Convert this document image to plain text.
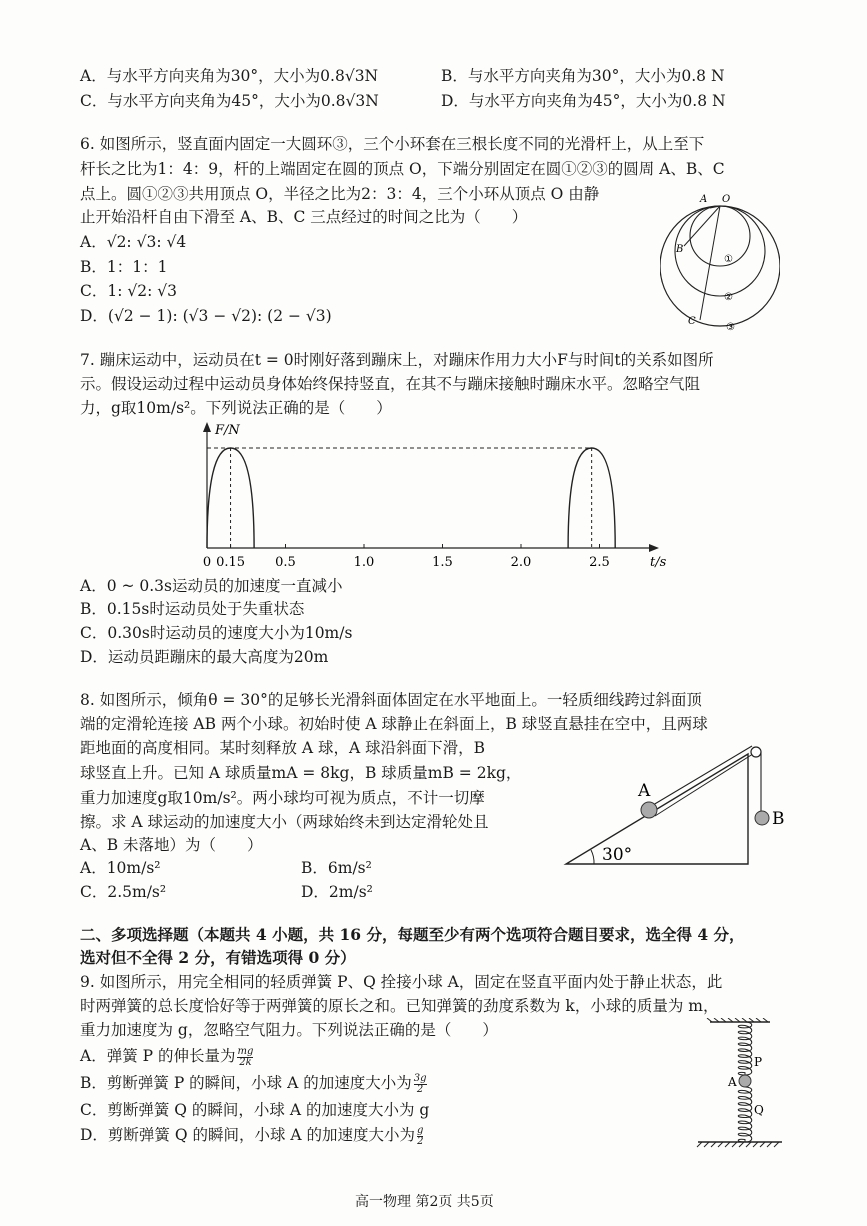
A．与水平方向夹角为30°，大小为0.8√3N	B．与水平方向夹角为30°，大小为0.8 N
C．与水平方向夹角为45°，大小为0.8√3N	D．与水平方向夹角为45°，大小为0.8 N
6. 如图所示，竖直面内固定一大圆环③，三个小环套在三根长度不同的光滑杆上，从上至下
杆长之比为1：4：9，杆的上端固定在圆的顶点 O，下端分别固定在圆①②③的圆周 A、B、C
点上。圆①②③共用顶点 O，半径之比为2：3：4，三个小环从顶点 O 由静
止开始沿杆自由下滑至 A、B、C 三点经过的时间之比为（　　）
A．√2: √3: √4
B．1：1：1
C．1: √2: √3
D．(√2 − 1): (√3 − √2): (2 − √3)
O
A
B
C
①
②
③
7. 蹦床运动中，运动员在t = 0时刚好落到蹦床上，对蹦床作用力大小F与时间t的关系如图所
示。假设运动过程中运动员身体始终保持竖直，在其不与蹦床接触时蹦床水平。忽略空气阻
力，g取10m/s²。下列说法正确的是（　　）
F/N
t/s
0 0.15 0.5	1.0	1.5	2.0	2.5
A．0 ~ 0.3s运动员的加速度一直减小
B．0.15s时运动员处于失重状态
C．0.30s时运动员的速度大小为10m/s
D．运动员距蹦床的最大高度为20m
8. 如图所示，倾角θ = 30°的足够长光滑斜面体固定在水平地面上。一轻质细线跨过斜面顶
端的定滑轮连接 AB 两个小球。初始时使 A 球静止在斜面上，B 球竖直悬挂在空中，且两球
距地面的高度相同。某时刻释放 A 球，A 球沿斜面下滑，B
球竖直上升。已知 A 球质量mA = 8kg，B 球质量mB = 2kg，
重力加速度g取10m/s²。两小球均可视为质点，不计一切摩
擦。求 A 球运动的加速度大小（两球始终未到达定滑轮处且
A、B 未落地）为（　　）
A．10m/s²	B．6m/s²
C．2.5m/s²	D．2m/s²
A
B
30°
二、多项选择题（本题共 4 小题，共 16 分，每题至少有两个选项符合题目要求，选全得 4 分，
选对但不全得 2 分，有错选项得 0 分）
9. 如图所示，用完全相同的轻质弹簧 P、Q 拴接小球 A，固定在竖直平面内处于静止状态，此
时两弹簧的总长度恰好等于两弹簧的原长之和。已知弹簧的劲度系数为 k，小球的质量为 m，
重力加速度为 g，忽略空气阻力。下列说法正确的是（　　）
A．弹簧 P 的伸长量为 $\frac{mg}{2k}$
B．剪断弹簧 P 的瞬间，小球 A 的加速度大小为 $\frac{3g}{2}$
C．剪断弹簧 Q 的瞬间，小球 A 的加速度大小为 g
D．剪断弹簧 Q 的瞬间，小球 A 的加速度大小为 $\frac{g}{2}$
P
A
Q
高一物理 第2页 共5页
